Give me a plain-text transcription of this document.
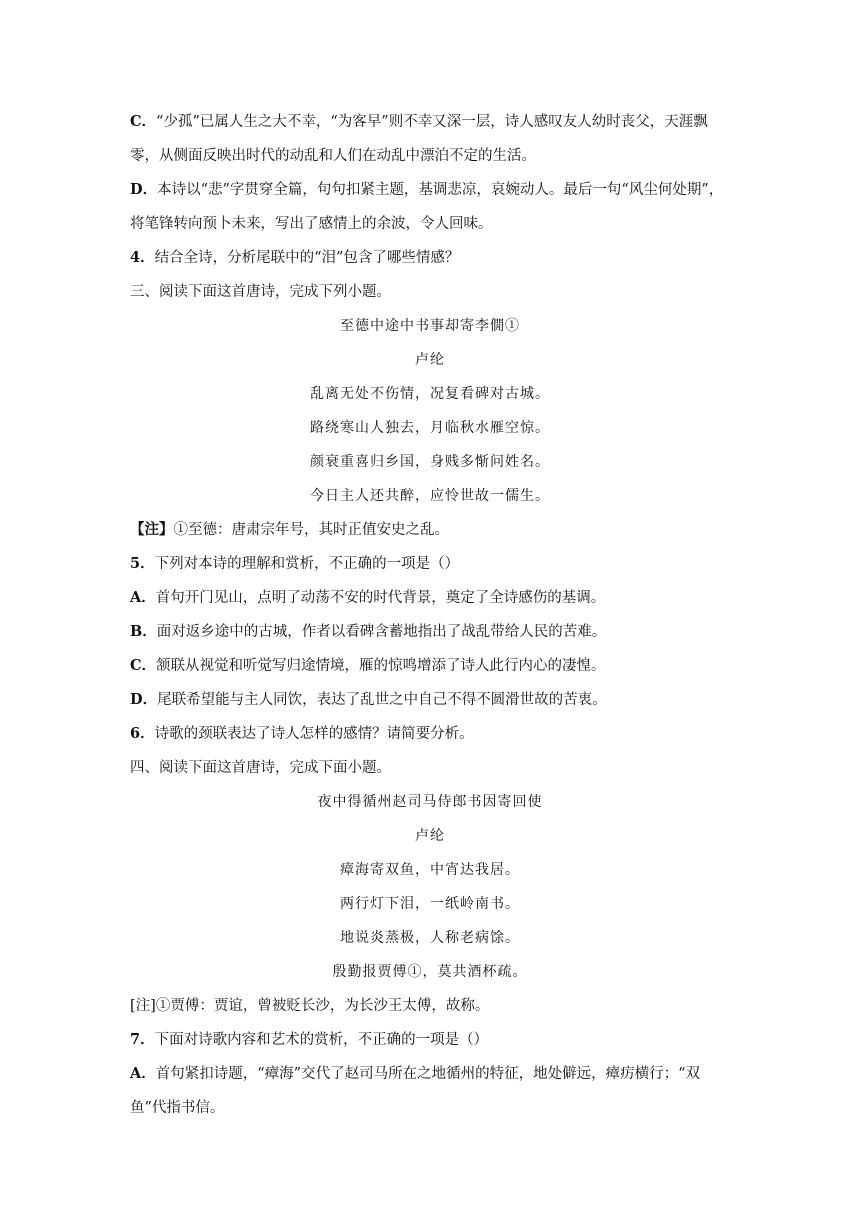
C．“少孤”已属人生之大不幸，“为客早”则不幸又深一层，诗人感叹友人幼时丧父，天涯飘
零，从侧面反映出时代的动乱和人们在动乱中漂泊不定的生活。
D．本诗以“悲”字贯穿全篇，句句扣紧主题，基调悲凉，哀婉动人。最后一句“风尘何处期”，
将笔锋转向预卜未来，写出了感情上的余波，令人回味。
4．结合全诗，分析尾联中的“泪”包含了哪些情感？
三、阅读下面这首唐诗，完成下列小题。
至德中途中书事却寄李僩①
卢纶
乱离无处不伤情，况复看碑对古城。
路绕寒山人独去，月临秋水雁空惊。
颜衰重喜归乡国，身贱多惭问姓名。
今日主人还共醉，应怜世故一儒生。
【注】①至德：唐肃宗年号，其时正值安史之乱。
5．下列对本诗的理解和赏析，不正确的一项是（）
A．首句开门见山，点明了动荡不安的时代背景，奠定了全诗感伤的基调。
B．面对返乡途中的古城，作者以看碑含蓄地指出了战乱带给人民的苦难。
C．颔联从视觉和听觉写归途情境，雁的惊鸣增添了诗人此行内心的凄惶。
D．尾联希望能与主人同饮，表达了乱世之中自己不得不圆滑世故的苦衷。
6．诗歌的颈联表达了诗人怎样的感情？请简要分析。
四、阅读下面这首唐诗，完成下面小题。
夜中得循州赵司马侍郎书因寄回使
卢纶
瘴海寄双鱼，中宵达我居。
两行灯下泪，一纸岭南书。
地说炎蒸极，人称老病馀。
殷勤报贾傅①，莫共酒杯疏。
[注]①贾傅：贾谊，曾被贬长沙，为长沙王太傅，故称。
7．下面对诗歌内容和艺术的赏析，不正确的一项是（）
A．首句紧扣诗题，“瘴海”交代了赵司马所在之地循州的特征，地处僻远，瘴疠横行；“双
鱼”代指书信。
